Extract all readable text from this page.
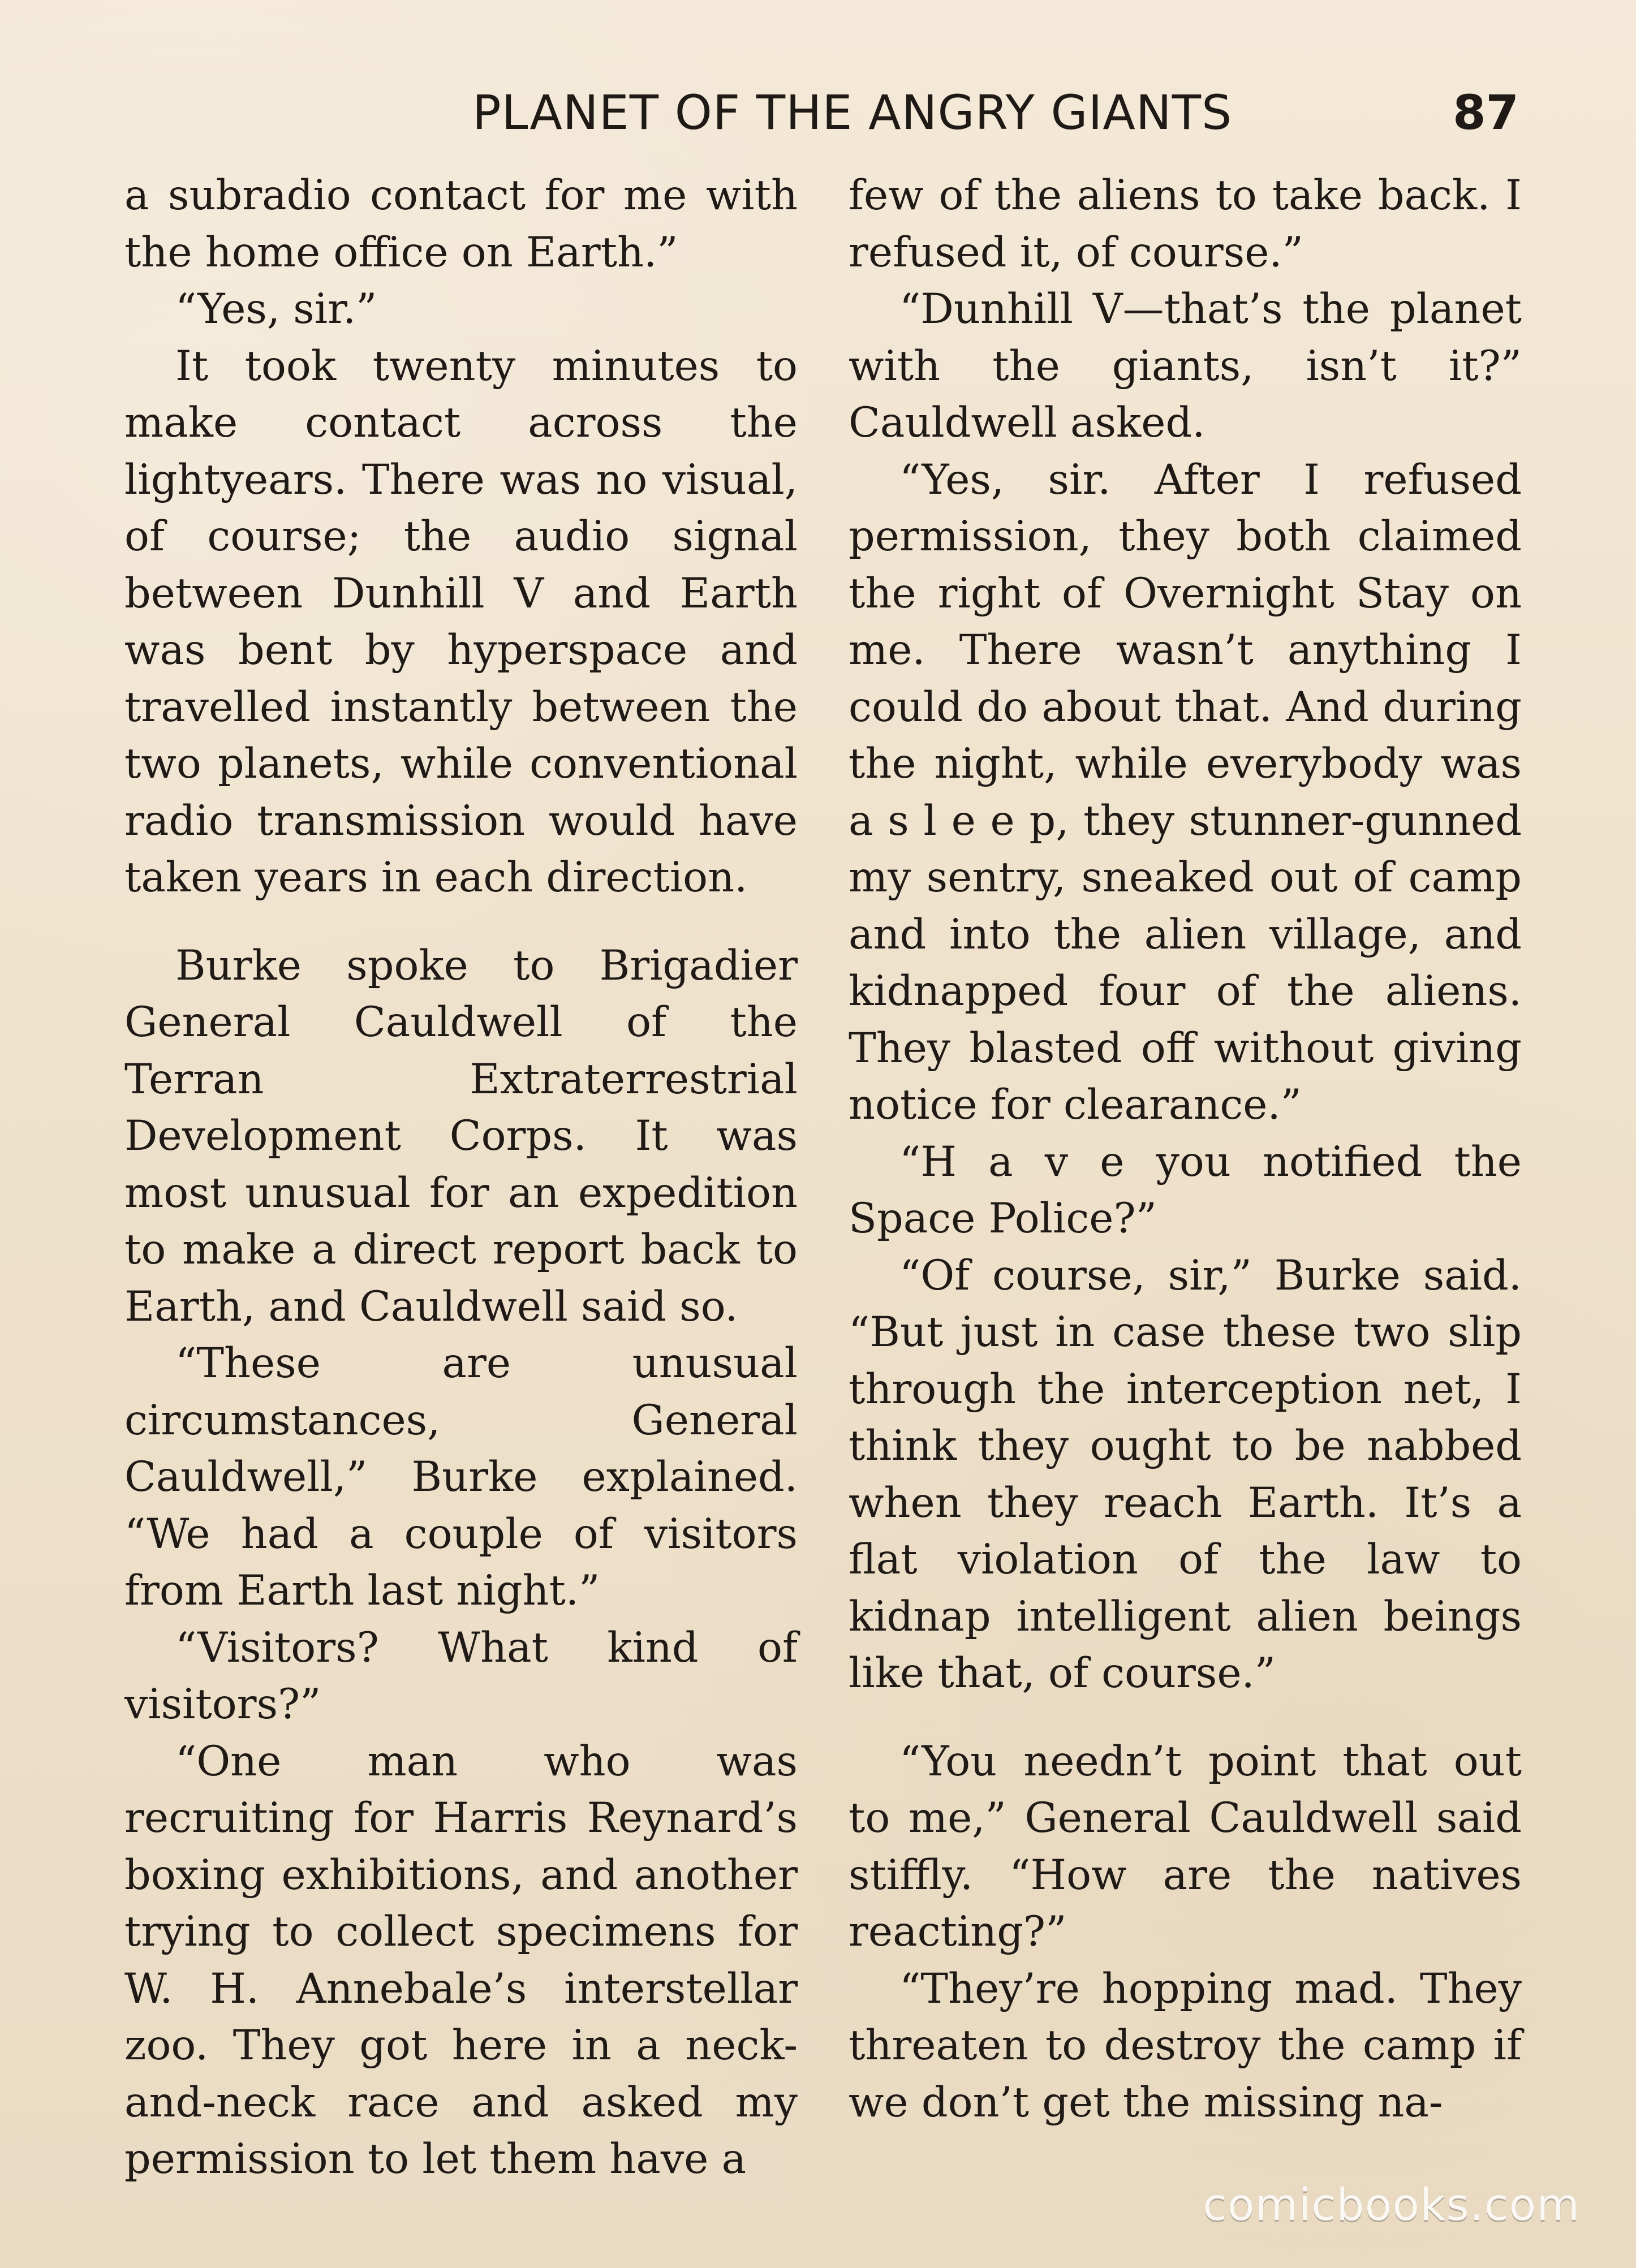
PLANET OF THE ANGRY GIANTS	87

a subradio contact for me with the home office on Earth.”

“Yes, sir.”

It took twenty minutes to make contact across the lightyears. There was no visual, of course; the audio signal between Dunhill V and Earth was bent by hyperspace and travelled instantly between the two planets, while conventional radio transmission would have taken years in each direction.

Burke spoke to Brigadier General Cauldwell of the Terran Extraterrestrial Development Corps. It was most unusual for an expedition to make a direct report back to Earth, and Cauldwell said so.

“These are unusual circumstances, General Cauldwell,” Burke explained. “We had a couple of visitors from Earth last night.”

“Visitors? What kind of visitors?”

“One man who was recruiting for Harris Reynard’s boxing exhibitions, and another trying to collect specimens for W. H. Annebale’s interstellar zoo. They got here in a neck-and-neck race and asked my permission to let them have a

few of the aliens to take back. I refused it, of course.”

“Dunhill V—that’s the planet with the giants, isn’t it?” Cauldwell asked.

“Yes, sir. After I refused permission, they both claimed the right of Overnight Stay on me. There wasn’t anything I could do about that. And during the night, while everybody was a s l e e p, they stunner-gunned my sentry, sneaked out of camp and into the alien village, and kidnapped four of the aliens. They blasted off without giving notice for clearance.”

“H a v e you notified the Space Police?”

“Of course, sir,” Burke said. “But just in case these two slip through the interception net, I think they ought to be nabbed when they reach Earth. It’s a flat violation of the law to kidnap intelligent alien beings like that, of course.”

“You needn’t point that out to me,” General Cauldwell said stiffly. “How are the natives reacting?”

“They’re hopping mad. They threaten to destroy the camp if we don’t get the missing na-

comicbooks.com
